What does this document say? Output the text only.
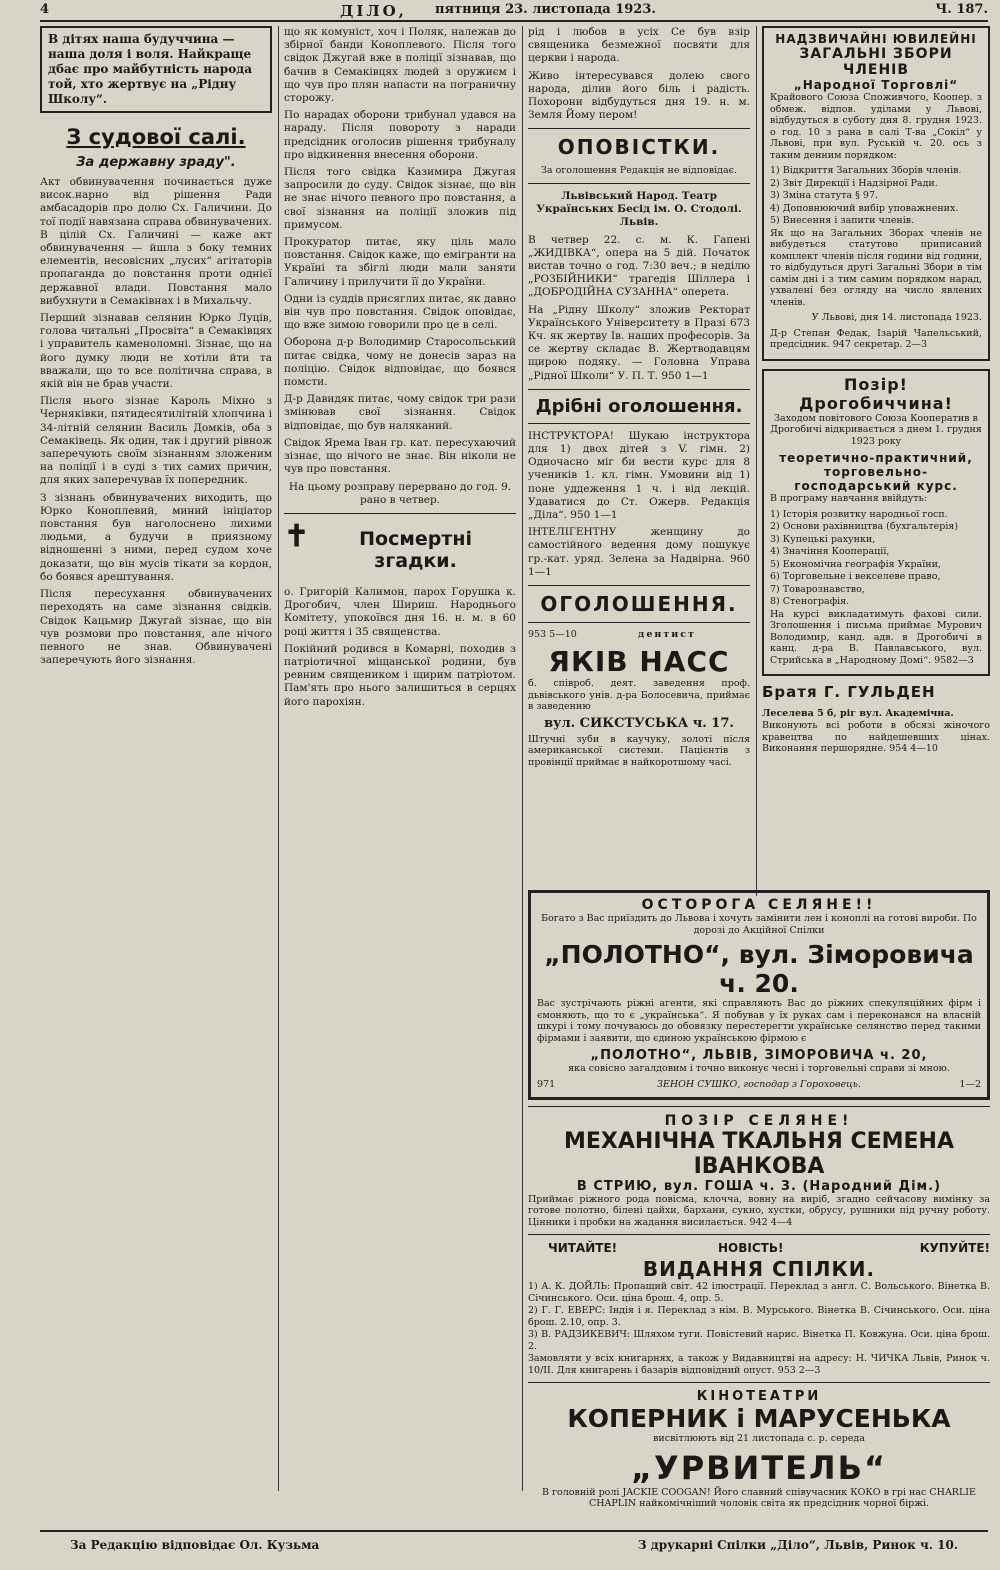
4	ДІЛО, пятниця 23. листопада 1923.	Ч. 187.
В дітях наша будуччина — наша доля і воля. Найкраще дбає про майбутність народа той, хто жертвує на „Рідну Школу“.
З судової салі.
За державну зраду".

Акт обвинувачення починається дуже висок.нарно від рішення Ради амбасадорів про долю Сх. Галичини. До тої події навязана справа обвинувачених. В цілій Сх. Галичині — каже акт обвинувачення — йшла з боку темних елементів, несовісних „лусих“ агітаторів пропаганда до повстання проти однієї державної влади. Повстання мало вибухнути в Семаківнах і в Михальчу.

Перший зізнавав селянин Юрко Луців, голова читальні „Просвіта“ в Семаківцях і управитель каменоломні. Зізнає, що на його думку люди не хотіли йти та вважали, що то все політична справа, в якій він не брав участи.

Після нього зізнає Кароль Міхно з Черняківки, пятидесятилітній хлопчина і 34-літній селянин Василь Домків, оба з Семаківець. Як один, так і другий рівнож заперечують своїм зізнанням зложеним на поліції і в суді з тих самих причин, для яких заперечував їх попередник.

З зізнань обвинувачених виходить, що Юрко Коноплевий, миний ініціатор повстання був наголоснено лихими людьми, а будучи в приязному відношенні з ними, перед судом хоче доказати, що він мусів тікати за кордон, бо боявся арештування.

Після пересухання обвинувачених переходять на саме зізнання свідків. Свідок Кацьмир Джугай зізнає, що він чув розмови про повстання, але нічого певного не знав. Обвинувачені заперечують його зізнання.

що як комуніст, хоч і Поляк, належав до збірної банди Коноплевого. Після того свідок Джугай вже в поліції зізнавав, що бачив в Семаківцях людей з оружиєм і що чув про плян напасти на пограничну сторожу.

По нарадах оборони трибунал удався на нараду. Після повороту з наради предсідник оголосив рішення трибуналу про відкинення внесення оборони.

Після того свідка Казимира Джугая запросили до суду. Свідок зізнає, що він не знає нічого певного про повстання, а свої зізнання на поліції зложив під примусом.

Прокуратор питає, яку ціль мало повстання. Свідок каже, що емігранти на Україні та збіглі люди мали заняти Галичину і прилучити її до України.

Одни із суддів присяглих питає, як давно він чув про повстання. Свідок оповідає, що вже зимою говорили про це в селі.

Оборона д-р Володимир Старосольський питає свідка, чому не донесів зараз на поліцію. Свідок відповідає, що боявся помсти.

Д-р Давидяк питає, чому свідок три рази змінював свої зізнання. Свідок відповідає, що був наляканий.

Свідок Ярема Іван гр. кат. пересухаючий зізнає, що нічого не знає. Він ніколи не чув про повстання.

На цьому розправу перервано до год. 9. рано в четвер.

✝	Посмертні згадки.

о. Григорій Калимон, парох Горушка к. Дрогобич, член Шириш. Народнього Комітету, упокоївся дня 16. н. м. в 60 році життя і 35 священства.

Покійний родився в Комарні, походив з патріотичної міщанської родини, був ревним священиком і щирим патріотом. Пам'ять про нього залишиться в серцях його парохіян.

рід і любов в усіх Се був взір священика безмежної посвяти для церкви і народа.

Живо інтересувався долею свого народа, ділив його біль і радість. Похорони відбудуться дня 19. н. м. Земля Йому пером!

ОПОВІСТКИ.

За оголошення Редакція не відповідає.

Львівський Народ. Театр Українських Бесід ім. О. Стодолі. Львів.

В четвер 22. с. м. К. Гапені „ЖИДІВКА“, опера на 5 дій. Початок вистав точно о год. 7:30 веч.; в неділю „РОЗБІЙНИКИ“ трагедія Шіллера і „ДОБРОДІЙНА СУЗАННА“ оперета.

На „Рідну Школу“ зложив Ректорат Українського Університету в Празі 673 Кч. як жертву Ів. наших професорів. За се жертву складає В. Жертводавцям щирою подяку. — Головна Управа „Рідної Школи“ У. П. Т. 950 1—1

Дрібні оголошення.

ІНСТРУКТОРА! Шукаю інструктора для 1) двох дітей з V. гімн. 2) Одночасно міг би вести курс для 8 учеників 1. кл. гімн. Умовини від 1) поне уддеження 1 ч. і від лекцій. Удаватися до Ст. Ожерв. Редакція „Діла“. 950 1—1

ІНТЕЛІГЕНТНУ женщину до самостійного ведення дому пошукує гр.-кат. уряд. Зелена за Надвірна. 960 1—1

ОГОЛОШЕННЯ.
953 5—10	дентист
ЯКІВ НАСС

б. співроб. деят. заведення проф. дьвівського унів. д-ра Болосевича, приймає в заведенню

вул. СИКСТУСЬКА ч. 17.

Штучні зуби в каучуку, золоті після американської системи. Пацієнтів з провінції приймає в найкоротшому часі.

НАДЗВИЧАЙНІ ЮВИЛЕЙНІ
ЗАГАЛЬНІ ЗБОРИ ЧЛЕНІВ
„Народної Торговлі“

Крайового Союза Споживчого, Коопер. з обмеж. відпов. уділами у Львові, відбудуться в суботу дня 8. грудня 1923. о год. 10 з рана в салі Т-ва „Сокіл“ у Львові, при вул. Руській ч. 20. ось з таким денним порядком:

1) Відкриття Загальних Зборів членів.

2) Звіт Дирекції і Надзірної Ради.

3) Зміна статута § 97.

4) Доповнюючий вибір уповажнених.

5) Внесення і запити членів.

Як що на Загальних Зборах членів не вибудеться статутово приписаний комплект членів після години від години, то відбудуться другі Загальні Збори в тім самім дні і з тим самим порядком нарад, ухвалені без огляду на число явлених членів.

У Львові, дня 14. листопада 1923.

Д-р Степан Федак, Ізарій Чапельський, предсідник. 947 секретар. 2—3

Позір! Дрогобиччина!

Заходом повітового Союза Кооператив в Дрогобичі відкривається з днем 1. грудня 1923 року

теоретично-практичний, торговельно-господарський курс.

В програму навчання ввійдуть:

1) Історія розвитку народньої госп.

2) Основи рахівництва (бухгальтерія)

3) Купецькі рахунки,

4) Значіння Кооперації,

5) Економічна географія України,

6) Торговельне і векселеве право,

7) Товарознавство,

8) Стенографія.

На курсі викладатимуть фахові сили. Зголошення і письма приймає Мурович Володимир, канд. адв. в Дрогобичі в канц. д-ра В. Павлавського, вул. Стрийська в „Народному Домі“. 9582—3

Братя Г. ГУЛЬДЕН Леселева 5 б, ріг вул. Академічна.

Виконують всі роботи в обсязі жіночого кравецтва по найдешевших цінах. Виконання першорядне. 954 4—10

ОСТОРОГА СЕЛЯНЕ!!

Богато з Вас приїздить до Львова і хочуть замінити лен і коноплі на готові вироби. По дорозі до Акційної Спілки

„ПОЛОТНО“, вул. Зіморовича ч. 20.

Вас зустрічають ріжні агенти, які справляють Вас до ріжних спекуляційних фірм і ємоняють, що то є „українська“. Я побував у їх руках сам і переконався на власній шкурі і тому почуваюсь до обовязку перестерегти українське селянство перед такими фірмами і заявити, що єдиною українською фірмою є

„ПОЛОТНО“, ЛЬВІВ, ЗІМОРОВИЧА ч. 20,

яка совісно загалдовим і точно виконує чесні і торговельні справи зі мною.

971	ЗЕНОН СУШКО, господар з Гороховець.	1—2
ПОЗІР СЕЛЯНЕ!
МЕХАНІЧНА ТКАЛЬНЯ СЕМЕНА ІВАНКОВА
В СТРИЮ, вул. ГОША ч. 3. (Народний Дім.)

Приймає ріжного рода повісма, клочча, вовну на виріб, згадно сейчасову вимінку за готове полотно, білені цайхи, бархани, сукно, хустки, обрусу, рушники під ручну роботу. Цінники і пробки на жадання висилається. 942 4—4

ЧИТАЙТЕ!	НОВІСТЬ!	КУПУЙТЕ!
ВИДАННЯ СПІЛКИ.

1) А. К. ДОЙЛЬ: Пропащий світ. 42 ілюстрації. Переклад з англ. С. Вольського. Вінетка В. Січинського. Оси. ціна брош. 4, опр. 5.

2) Г. Г. ЕВЕРС: Індія і я. Переклад з нім. В. Мурського. Вінетка В. Січинського. Оси. ціна брош. 2.10, опр. 3.

3) В. РАДЗИКЕВИЧ: Шляхом туги. Повістевий нарис. Вінетка П. Ковжуна. Оси. ціна брош. 2.

Замовляти у всіх книгарнях, а також у Видавництві на адресу: Н. ЧИЧКА Львів, Ринок ч. 10/II. Для книгарень і базарів відповідний опуст. 953 2—3

КІНОТЕАТРИ
КОПЕРНИК і МАРУСЕНЬКА

висвітлюють від 21 листопада с. р. середа

„УРВИТЕЛЬ“

В головній ролі JACKIE COOGAN! Його славний співучасник КОКО в грі нас CHARLIE CHAPLIN найкомічніший чоловік світа як предсідник чорної біржі.

За Редакцію відповідає Ол. Кузьма	З друкарні Спілки „Діло“, Львів, Ринок ч. 10.
